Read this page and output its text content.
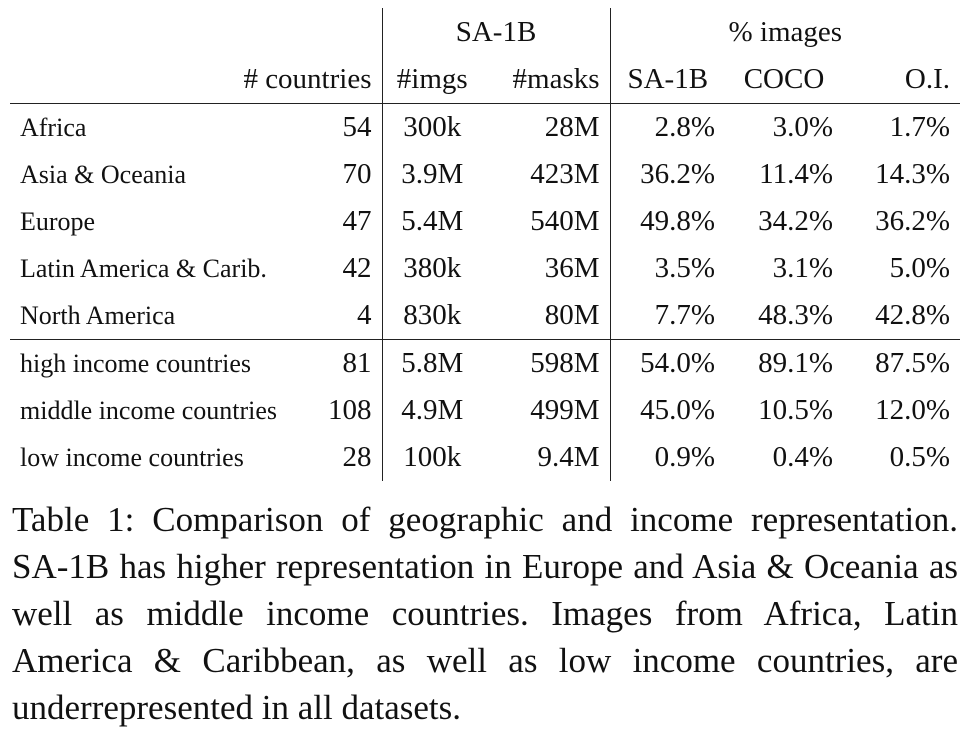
		SA-1B		% images		
# countries		#imgs	#masks	SA-1B	COCO	O.I.
Africa	54	300k	28M	2.8%	3.0%	1.7%
Asia & Oceania	70	3.9M	423M	36.2%	11.4%	14.3%
Europe	47	5.4M	540M	49.8%	34.2%	36.2%
Latin America & Carib.	42	380k	36M	3.5%	3.1%	5.0%
North America	4	830k	80M	7.7%	48.3%	42.8%
high income countries	81	5.8M	598M	54.0%	89.1%	87.5%
middle income countries	108	4.9M	499M	45.0%	10.5%	12.0%
low income countries	28	100k	9.4M	0.9%	0.4%	0.5%

Table 1: Comparison of geographic and income representation. SA-1B has higher representation in Europe and Asia & Oceania as well as middle income countries. Images from Africa, Latin America & Caribbean, as well as low income countries, are underrepresented in all datasets.
